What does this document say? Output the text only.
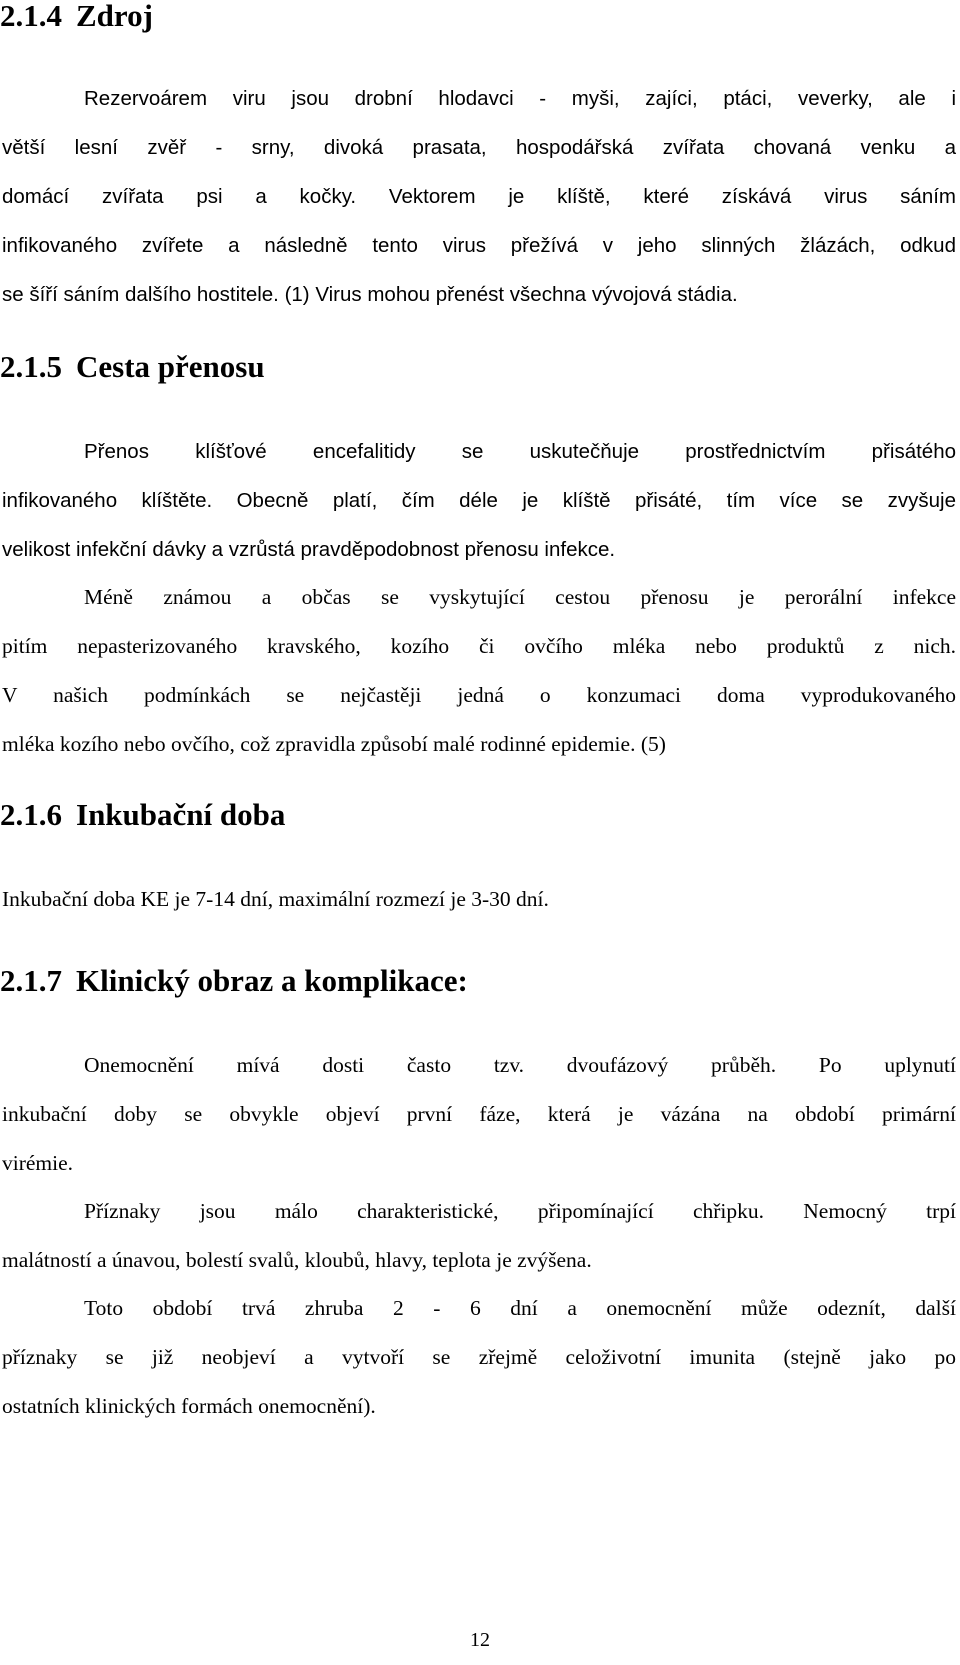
2.1.4 Zdroj
Rezervoárem viru jsou drobní hlodavci - myši, zajíci, ptáci, veverky, ale i
větší lesní zvěř - srny, divoká prasata, hospodářská zvířata chovaná venku a
domácí zvířata psi a kočky. Vektorem je klíště, které získává virus sáním
infikovaného zvířete a následně tento virus přežívá v jeho slinných žlázách, odkud
se šíří sáním dalšího hostitele. (1) Virus mohou přenést všechna vývojová stádia.
2.1.5 Cesta přenosu
Přenos klíšťové encefalitidy se uskutečňuje prostřednictvím přisátého
infikovaného klíštěte. Obecně platí, čím déle je klíště přisáté, tím více se zvyšuje
velikost infekční dávky a vzrůstá pravděpodobnost přenosu infekce.
Méně známou a občas se vyskytující cestou přenosu je perorální infekce
pitím nepasterizovaného kravského, kozího či ovčího mléka nebo produktů z nich.
V našich podmínkách se nejčastěji jedná o konzumaci doma vyprodukovaného
mléka kozího nebo ovčího, což zpravidla způsobí malé rodinné epidemie. (5)
2.1.6 Inkubační doba
Inkubační doba KE je 7-14 dní, maximální rozmezí je 3-30 dní.
2.1.7 Klinický obraz a komplikace:
Onemocnění mívá dosti často tzv. dvoufázový průběh. Po uplynutí
inkubační doby se obvykle objeví první fáze, která je vázána na období primární
virémie.
Příznaky jsou málo charakteristické, připomínající chřipku. Nemocný trpí
malátností a únavou, bolestí svalů, kloubů, hlavy, teplota je zvýšena.
Toto období trvá zhruba 2 - 6 dní a onemocnění může odeznít, další
příznaky se již neobjeví a vytvoří se zřejmě celoživotní imunita (stejně jako po
ostatních klinických formách onemocnění).

12
